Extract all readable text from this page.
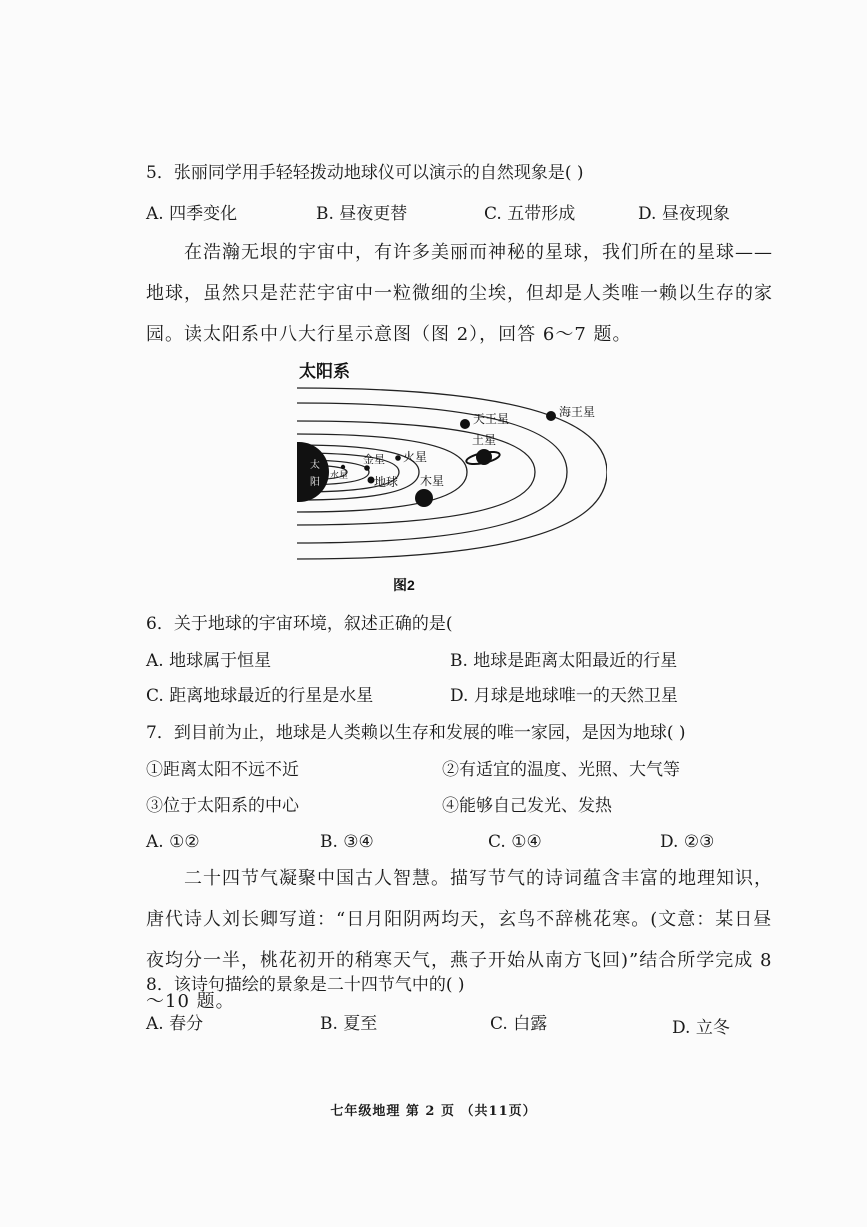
5．张丽同学用手轻轻拨动地球仪可以演示的自然现象是( )
A. 四季变化	B. 昼夜更替	C. 五带形成	D. 昼夜现象
在浩瀚无垠的宇宙中，有许多美丽而神秘的星球，我们所在的星球——地球，虽然只是茫茫宇宙中一粒微细的尘埃，但却是人类唯一赖以生存的家园。读太阳系中八大行星示意图（图 2），回答 6～7 题。
太阳系
太
阳
水星
金星
地球
火星
木星
土星
天王星	海王星
图2
6．关于地球的宇宙环境，叙述正确的是(
A. 地球属于恒星	B. 地球是距离太阳最近的行星
C. 距离地球最近的行星是水星	D. 月球是地球唯一的天然卫星
7．到目前为止，地球是人类赖以生存和发展的唯一家园，是因为地球( )
①距离太阳不远不近	②有适宜的温度、光照、大气等
③位于太阳系的中心	④能够自己发光、发热
A. ①②	B. ③④	C. ①④	D. ②③
二十四节气凝聚中国古人智慧。描写节气的诗词蕴含丰富的地理知识，唐代诗人刘长卿写道：“日月阳阴两均天，玄鸟不辞桃花寒。(文意：某日昼夜均分一半，桃花初开的稍寒天气，燕子开始从南方飞回)”结合所学完成 8～10 题。
8．该诗句描绘的景象是二十四节气中的( )
A. 春分	B. 夏至	C. 白露	D. 立冬
七年级地理 第 2 页 （共11页）
